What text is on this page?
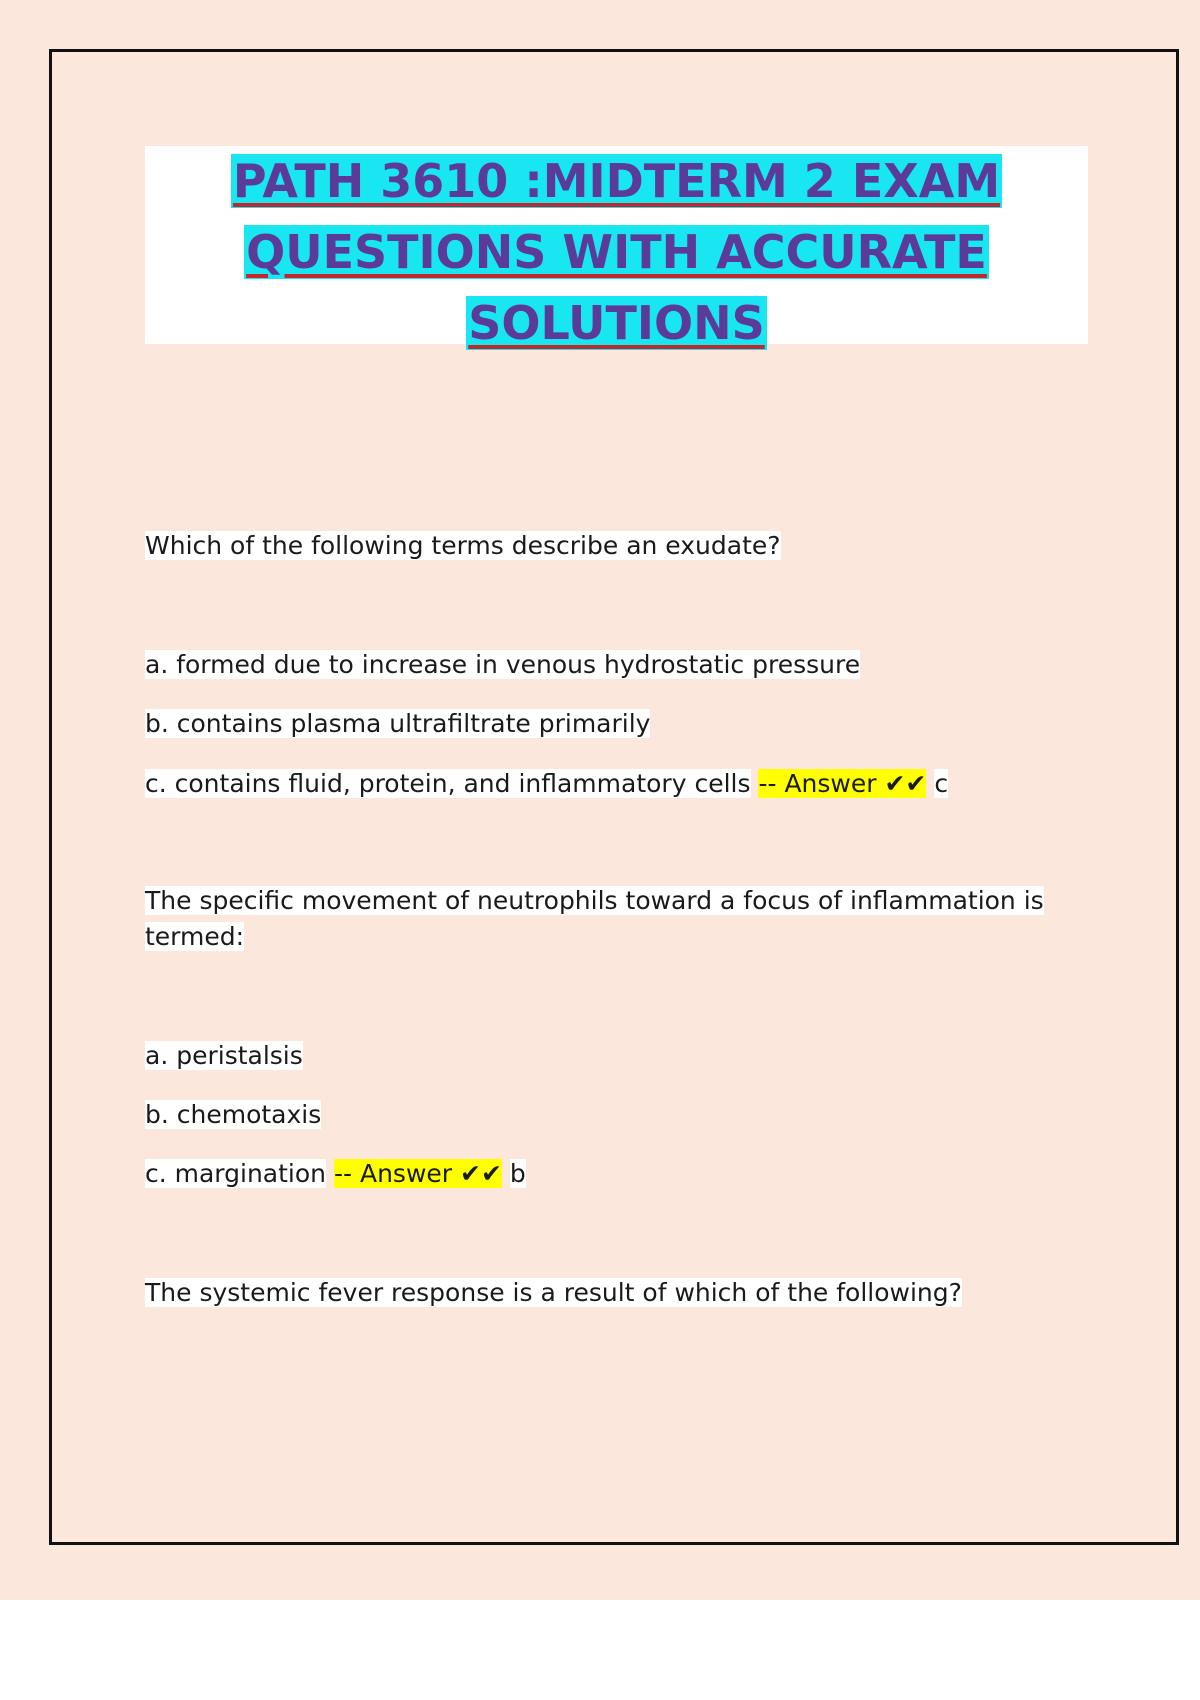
PATH 3610 :MIDTERM 2 EXAM
QUESTIONS WITH ACCURATE
SOLUTIONS
Which of the following terms describe an exudate?
a. formed due to increase in venous hydrostatic pressure
b. contains plasma ultrafiltrate primarily
c. contains fluid, protein, and inflammatory cells -- Answer ✔✔ c
The specific movement of neutrophils toward a focus of inflammation is
termed:
a. peristalsis
b. chemotaxis
c. margination -- Answer ✔✔ b
The systemic fever response is a result of which of the following?
